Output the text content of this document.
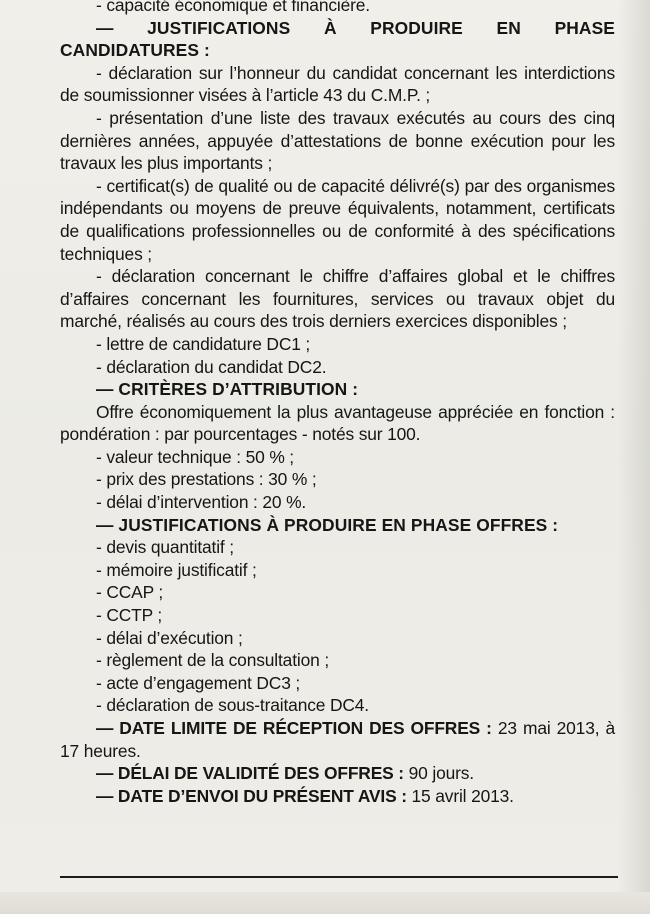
- capacité économique et financière.

— JUSTIFICATIONS À PRODUIRE EN PHASE CANDIDATURES :

- déclaration sur l’honneur du candidat concernant les interdictions de soumissionner visées à l’article 43 du C.M.P. ;

- présentation d’une liste des travaux exécutés au cours des cinq dernières années, appuyée d’attestations de bonne exécution pour les travaux les plus importants ;

- certificat(s) de qualité ou de capacité délivré(s) par des organismes indépendants ou moyens de preuve équivalents, notamment, certificats de qualifications professionnelles ou de conformité à des spécifications techniques ;

- déclaration concernant le chiffre d’affaires global et le chiffres d’affaires concernant les fournitures, services ou travaux objet du marché, réalisés au cours des trois derniers exercices disponibles ;

- lettre de candidature DC1 ;

- déclaration du candidat DC2.

— CRITÈRES D’ATTRIBUTION :

Offre économiquement la plus avantageuse appréciée en fonction : pondération : par pourcentages - notés sur 100.

- valeur technique : 50 % ;

- prix des prestations : 30 % ;

- délai d’intervention : 20 %.

— JUSTIFICATIONS À PRODUIRE EN PHASE OFFRES :

- devis quantitatif ;

- mémoire justificatif ;

- CCAP ;

- CCTP ;

- délai d’exécution ;

- règlement de la consultation ;

- acte d’engagement DC3 ;

- déclaration de sous-traitance DC4.

— DATE LIMITE DE RÉCEPTION DES OFFRES : 23 mai 2013, à 17 heures.

— DÉLAI DE VALIDITÉ DES OFFRES : 90 jours.

— DATE D’ENVOI DU PRÉSENT AVIS : 15 avril 2013.
